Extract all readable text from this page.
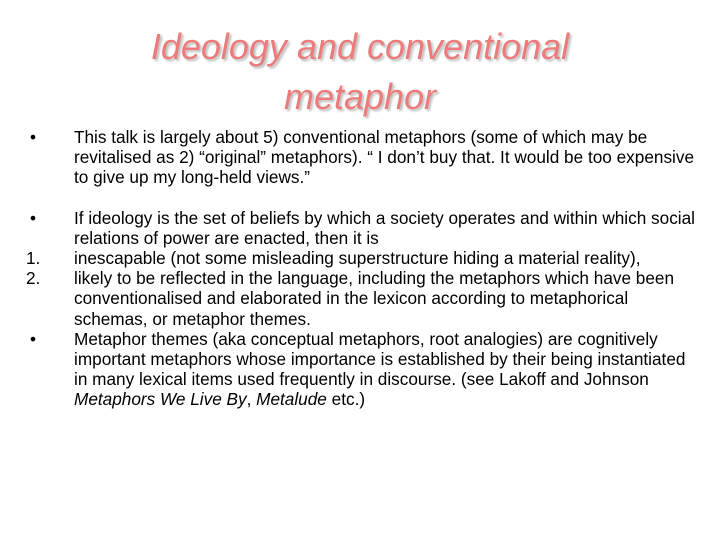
Ideology and conventional
metaphor
•	This talk is largely about 5) conventional metaphors (some of which may be revitalised as 2) “original” metaphors). “ I don’t buy that. It would be too expensive to give up my long-held views.”
•	If ideology is the set of beliefs by which a society operates and within which social relations of power are enacted, then it is
1.	inescapable (not some misleading superstructure hiding a material reality),
2.	likely to be reflected in the language, including the metaphors which have been conventionalised and elaborated in the lexicon according to metaphorical schemas, or metaphor themes.
•	Metaphor themes (aka conceptual metaphors, root analogies) are cognitively important metaphors whose importance is established by their being instantiated in many lexical items used frequently in discourse. (see Lakoff and Johnson Metaphors We Live By, Metalude etc.)
